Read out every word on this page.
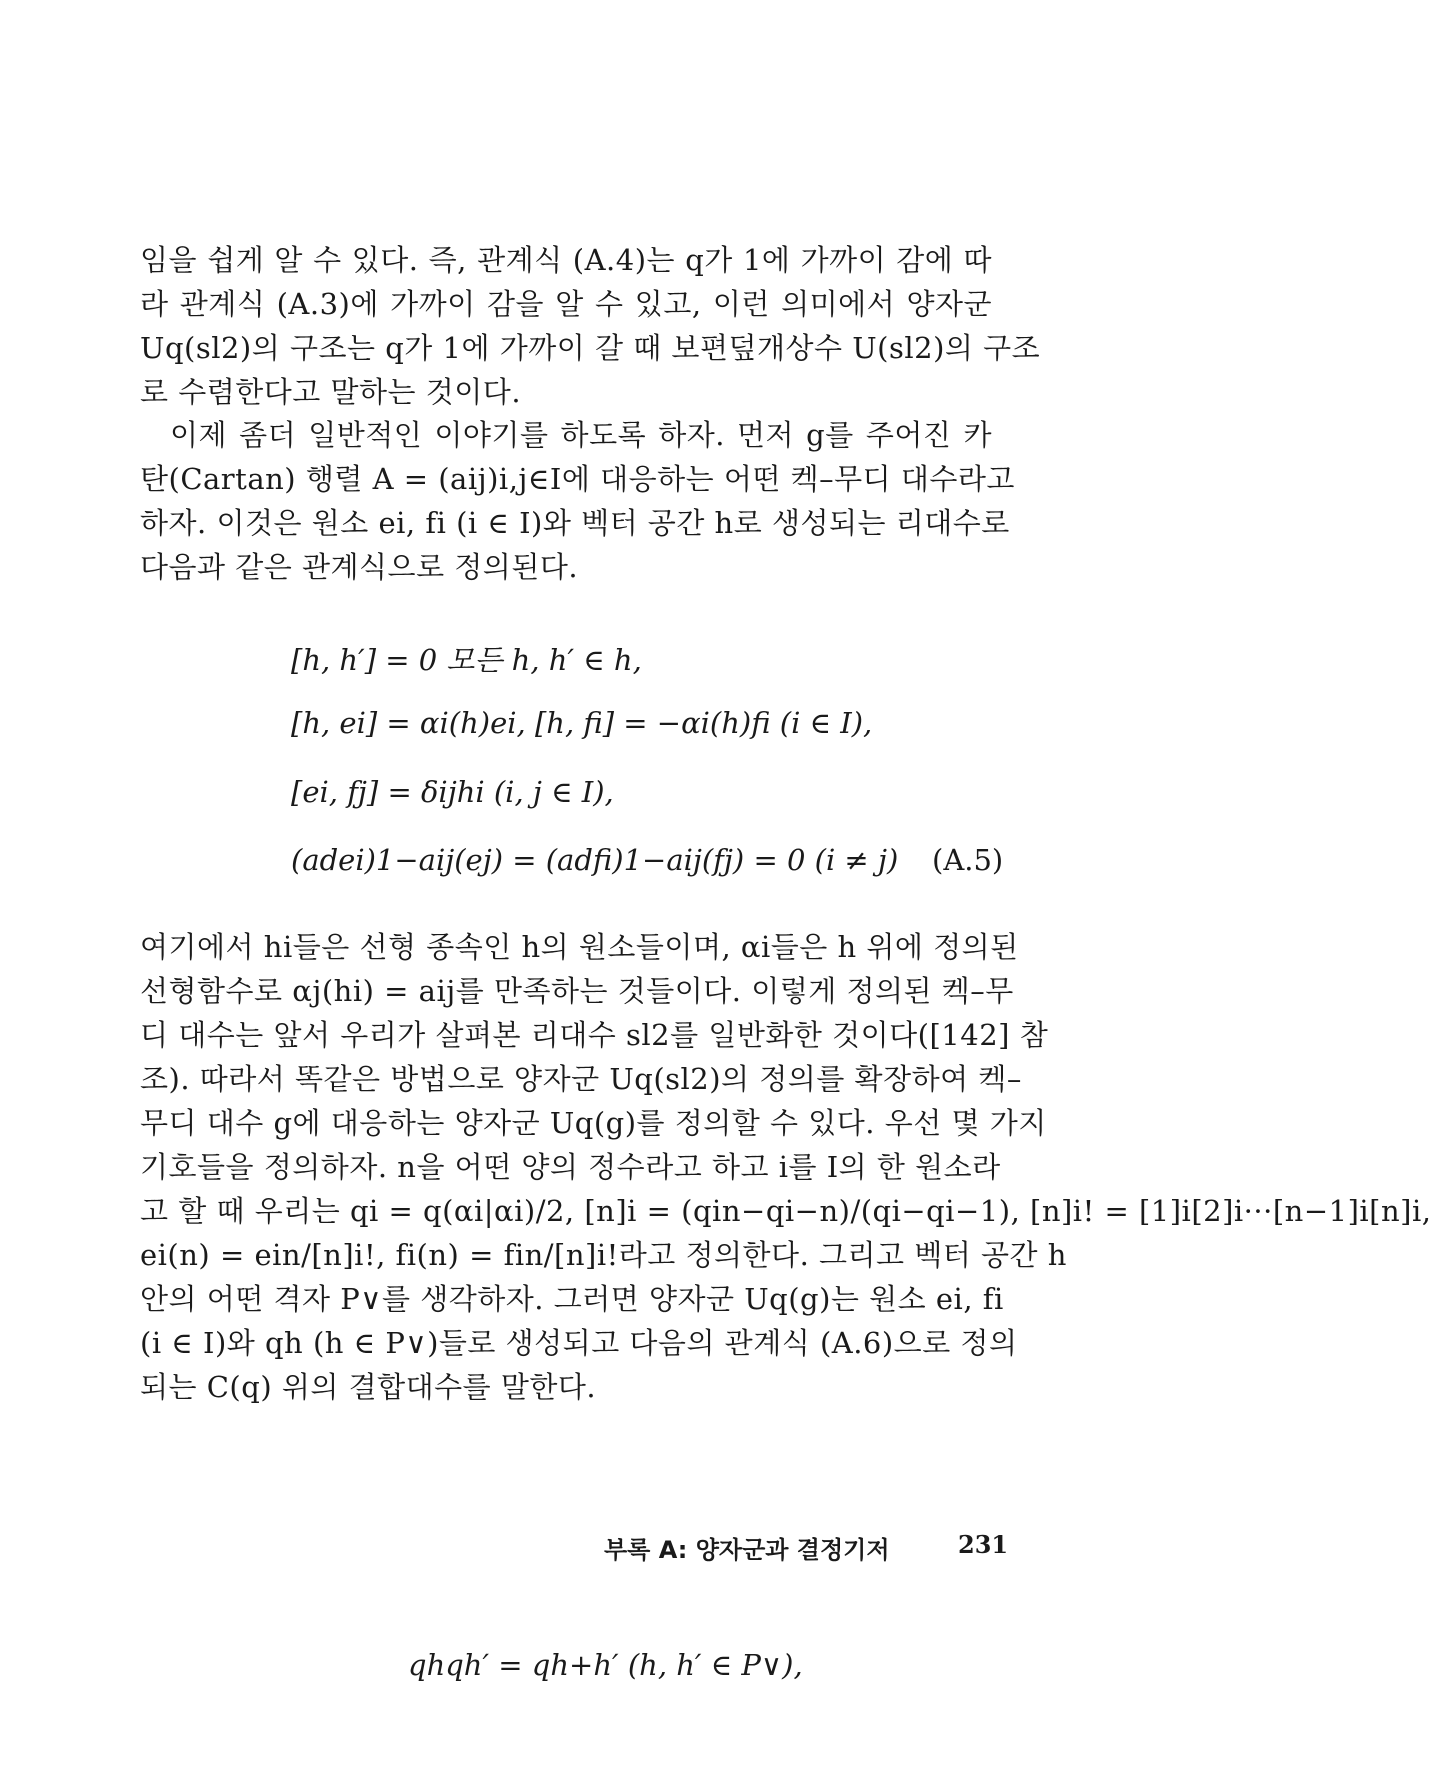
임을 쉽게 알 수 있다. 즉, 관계식 (A.4)는 q가 1에 가까이 감에 따
라 관계식 (A.3)에 가까이 감을 알 수 있고, 이런 의미에서 양자군
Uq(sl2)의 구조는 q가 1에 가까이 갈 때 보편덮개상수 U(sl2)의 구조
로 수렴한다고 말하는 것이다.
이제 좀더 일반적인 이야기를 하도록 하자. 먼저 g를 주어진 카
탄(Cartan) 행렬 A = (aij)i,j∈I에 대응하는 어떤 켁–무디 대수라고
하자. 이것은 원소 ei, fi (i ∈ I)와 벡터 공간 h로 생성되는 리대수로
다음과 같은 관계식으로 정의된다.
[h, h′] = 0 모든 h, h′ ∈ h,
[h, ei] = αi(h)ei, [h, fi] = −αi(h)fi (i ∈ I),
[ei, fj] = δijhi (i, j ∈ I),
(adei)1−aij(ej) = (adfi)1−aij(fj) = 0 (i ≠ j) (A.5)
여기에서 hi들은 선형 종속인 h의 원소들이며, αi들은 h 위에 정의된
선형함수로 αj(hi) = aij를 만족하는 것들이다. 이렇게 정의된 켁–무
디 대수는 앞서 우리가 살펴본 리대수 sl2를 일반화한 것이다([142] 참
조). 따라서 똑같은 방법으로 양자군 Uq(sl2)의 정의를 확장하여 켁–
무디 대수 g에 대응하는 양자군 Uq(g)를 정의할 수 있다. 우선 몇 가지
기호들을 정의하자. n을 어떤 양의 정수라고 하고 i를 I의 한 원소라
고 할 때 우리는 qi = q(αi|αi)/2, [n]i = (qin−qi−n)/(qi−qi−1), [n]i! = [1]i[2]i···[n−1]i[n]i,
ei(n) = ein/[n]i!, fi(n) = fin/[n]i!라고 정의한다. 그리고 벡터 공간 h
안의 어떤 격자 P∨를 생각하자. 그러면 양자군 Uq(g)는 원소 ei, fi
(i ∈ I)와 qh (h ∈ P∨)들로 생성되고 다음의 관계식 (A.6)으로 정의
되는 C(q) 위의 결합대수를 말한다.
qhqh′ = qh+h′ (h, h′ ∈ P∨),
부록 A: 양자군과 결정기저	231
